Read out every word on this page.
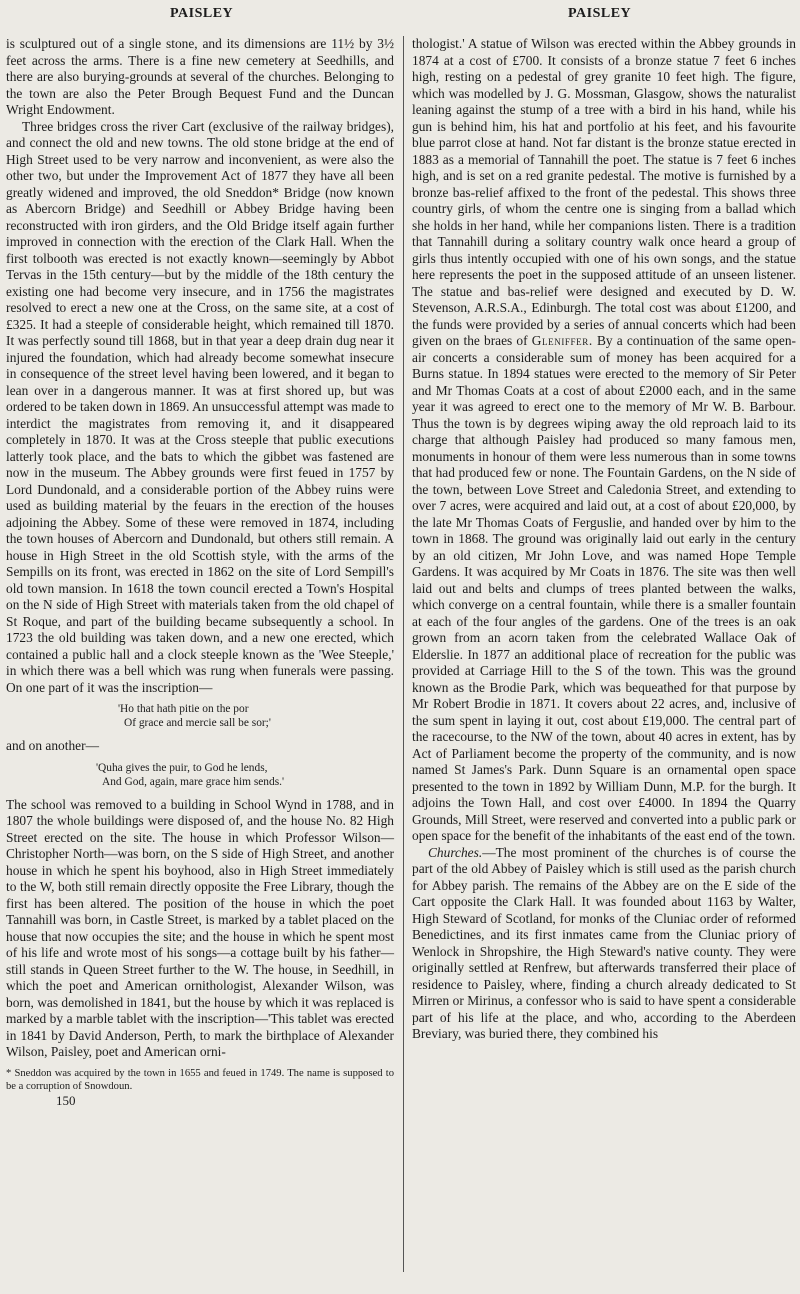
PAISLEY	PAISLEY

is sculptured out of a single stone, and its dimensions are 11½ by 3½ feet across the arms. There is a fine new cemetery at Seedhills, and there are also burying-grounds at several of the churches. Belonging to the town are also the Peter Brough Bequest Fund and the Duncan Wright Endowment.

Three bridges cross the river Cart (exclusive of the railway bridges), and connect the old and new towns. The old stone bridge at the end of High Street used to be very narrow and inconvenient, as were also the other two, but under the Improvement Act of 1877 they have all been greatly widened and improved, the old Sneddon* Bridge (now known as Abercorn Bridge) and Seedhill or Abbey Bridge having been reconstructed with iron girders, and the Old Bridge itself again further improved in connection with the erection of the Clark Hall. When the first tolbooth was erected is not exactly known—seemingly by Abbot Tervas in the 15th century—but by the middle of the 18th century the existing one had become very insecure, and in 1756 the magistrates resolved to erect a new one at the Cross, on the same site, at a cost of £325. It had a steeple of considerable height, which remained till 1870. It was perfectly sound till 1868, but in that year a deep drain dug near it injured the foundation, which had already become somewhat insecure in consequence of the street level having been lowered, and it began to lean over in a dangerous manner. It was at first shored up, but was ordered to be taken down in 1869. An unsuccessful attempt was made to interdict the magistrates from removing it, and it disappeared completely in 1870. It was at the Cross steeple that public executions latterly took place, and the bats to which the gibbet was fastened are now in the museum. The Abbey grounds were first feued in 1757 by Lord Dundonald, and a considerable portion of the Abbey ruins were used as building material by the feuars in the erection of the houses adjoining the Abbey. Some of these were removed in 1874, including the town houses of Abercorn and Dundonald, but others still remain. A house in High Street in the old Scottish style, with the arms of the Sempills on its front, was erected in 1862 on the site of Lord Sempill's old town mansion. In 1618 the town council erected a Town's Hospital on the N side of High Street with materials taken from the old chapel of St Roque, and part of the building became subsequently a school. In 1723 the old building was taken down, and a new one erected, which contained a public hall and a clock steeple known as the 'Wee Steeple,' in which there was a bell which was rung when funerals were passing. On one part of it was the inscription—

'Ho that hath pitie on the por
Of grace and mercie sall be sor;'

and on another—

'Quha gives the puir, to God he lends,
And God, again, mare grace him sends.'

The school was removed to a building in School Wynd in 1788, and in 1807 the whole buildings were disposed of, and the house No. 82 High Street erected on the site. The house in which Professor Wilson—Christopher North—was born, on the S side of High Street, and another house in which he spent his boyhood, also in High Street immediately to the W, both still remain directly opposite the Free Library, though the first has been altered. The position of the house in which the poet Tannahill was born, in Castle Street, is marked by a tablet placed on the house that now occupies the site; and the house in which he spent most of his life and wrote most of his songs—a cottage built by his father—still stands in Queen Street further to the W. The house, in Seedhill, in which the poet and American ornithologist, Alexander Wilson, was born, was demolished in 1841, but the house by which it was replaced is marked by a marble tablet with the inscription—'This tablet was erected in 1841 by David Anderson, Perth, to mark the birthplace of Alexander Wilson, Paisley, poet and American orni-

* Sneddon was acquired by the town in 1655 and feued in 1749. The name is supposed to be a corruption of Snowdoun.
150

thologist.' A statue of Wilson was erected within the Abbey grounds in 1874 at a cost of £700. It consists of a bronze statue 7 feet 6 inches high, resting on a pedestal of grey granite 10 feet high. The figure, which was modelled by J. G. Mossman, Glasgow, shows the naturalist leaning against the stump of a tree with a bird in his hand, while his gun is behind him, his hat and portfolio at his feet, and his favourite blue parrot close at hand. Not far distant is the bronze statue erected in 1883 as a memorial of Tannahill the poet. The statue is 7 feet 6 inches high, and is set on a red granite pedestal. The motive is furnished by a bronze bas-relief affixed to the front of the pedestal. This shows three country girls, of whom the centre one is singing from a ballad which she holds in her hand, while her companions listen. There is a tradition that Tannahill during a solitary country walk once heard a group of girls thus intently occupied with one of his own songs, and the statue here represents the poet in the supposed attitude of an unseen listener. The statue and bas-relief were designed and executed by D. W. Stevenson, A.R.S.A., Edinburgh. The total cost was about £1200, and the funds were provided by a series of annual concerts which had been given on the braes of Gleniffer. By a continuation of the same open-air concerts a considerable sum of money has been acquired for a Burns statue. In 1894 statues were erected to the memory of Sir Peter and Mr Thomas Coats at a cost of about £2000 each, and in the same year it was agreed to erect one to the memory of Mr W. B. Barbour. Thus the town is by degrees wiping away the old reproach laid to its charge that although Paisley had produced so many famous men, monuments in honour of them were less numerous than in some towns that had produced few or none. The Fountain Gardens, on the N side of the town, between Love Street and Caledonia Street, and extending to over 7 acres, were acquired and laid out, at a cost of about £20,000, by the late Mr Thomas Coats of Ferguslie, and handed over by him to the town in 1868. The ground was originally laid out early in the century by an old citizen, Mr John Love, and was named Hope Temple Gardens. It was acquired by Mr Coats in 1876. The site was then well laid out and belts and clumps of trees planted between the walks, which converge on a central fountain, while there is a smaller fountain at each of the four angles of the gardens. One of the trees is an oak grown from an acorn taken from the celebrated Wallace Oak of Elderslie. In 1877 an additional place of recreation for the public was provided at Carriage Hill to the S of the town. This was the ground known as the Brodie Park, which was bequeathed for that purpose by Mr Robert Brodie in 1871. It covers about 22 acres, and, inclusive of the sum spent in laying it out, cost about £19,000. The central part of the racecourse, to the NW of the town, about 40 acres in extent, has by Act of Parliament become the property of the community, and is now named St James's Park. Dunn Square is an ornamental open space presented to the town in 1892 by William Dunn, M.P. for the burgh. It adjoins the Town Hall, and cost over £4000. In 1894 the Quarry Grounds, Mill Street, were reserved and converted into a public park or open space for the benefit of the inhabitants of the east end of the town.

Churches.—The most prominent of the churches is of course the part of the old Abbey of Paisley which is still used as the parish church for Abbey parish. The remains of the Abbey are on the E side of the Cart opposite the Clark Hall. It was founded about 1163 by Walter, High Steward of Scotland, for monks of the Cluniac order of reformed Benedictines, and its first inmates came from the Cluniac priory of Wenlock in Shropshire, the High Steward's native county. They were originally settled at Renfrew, but afterwards transferred their place of residence to Paisley, where, finding a church already dedicated to St Mirren or Mirinus, a confessor who is said to have spent a considerable part of his life at the place, and who, according to the Aberdeen Breviary, was buried there, they combined his
